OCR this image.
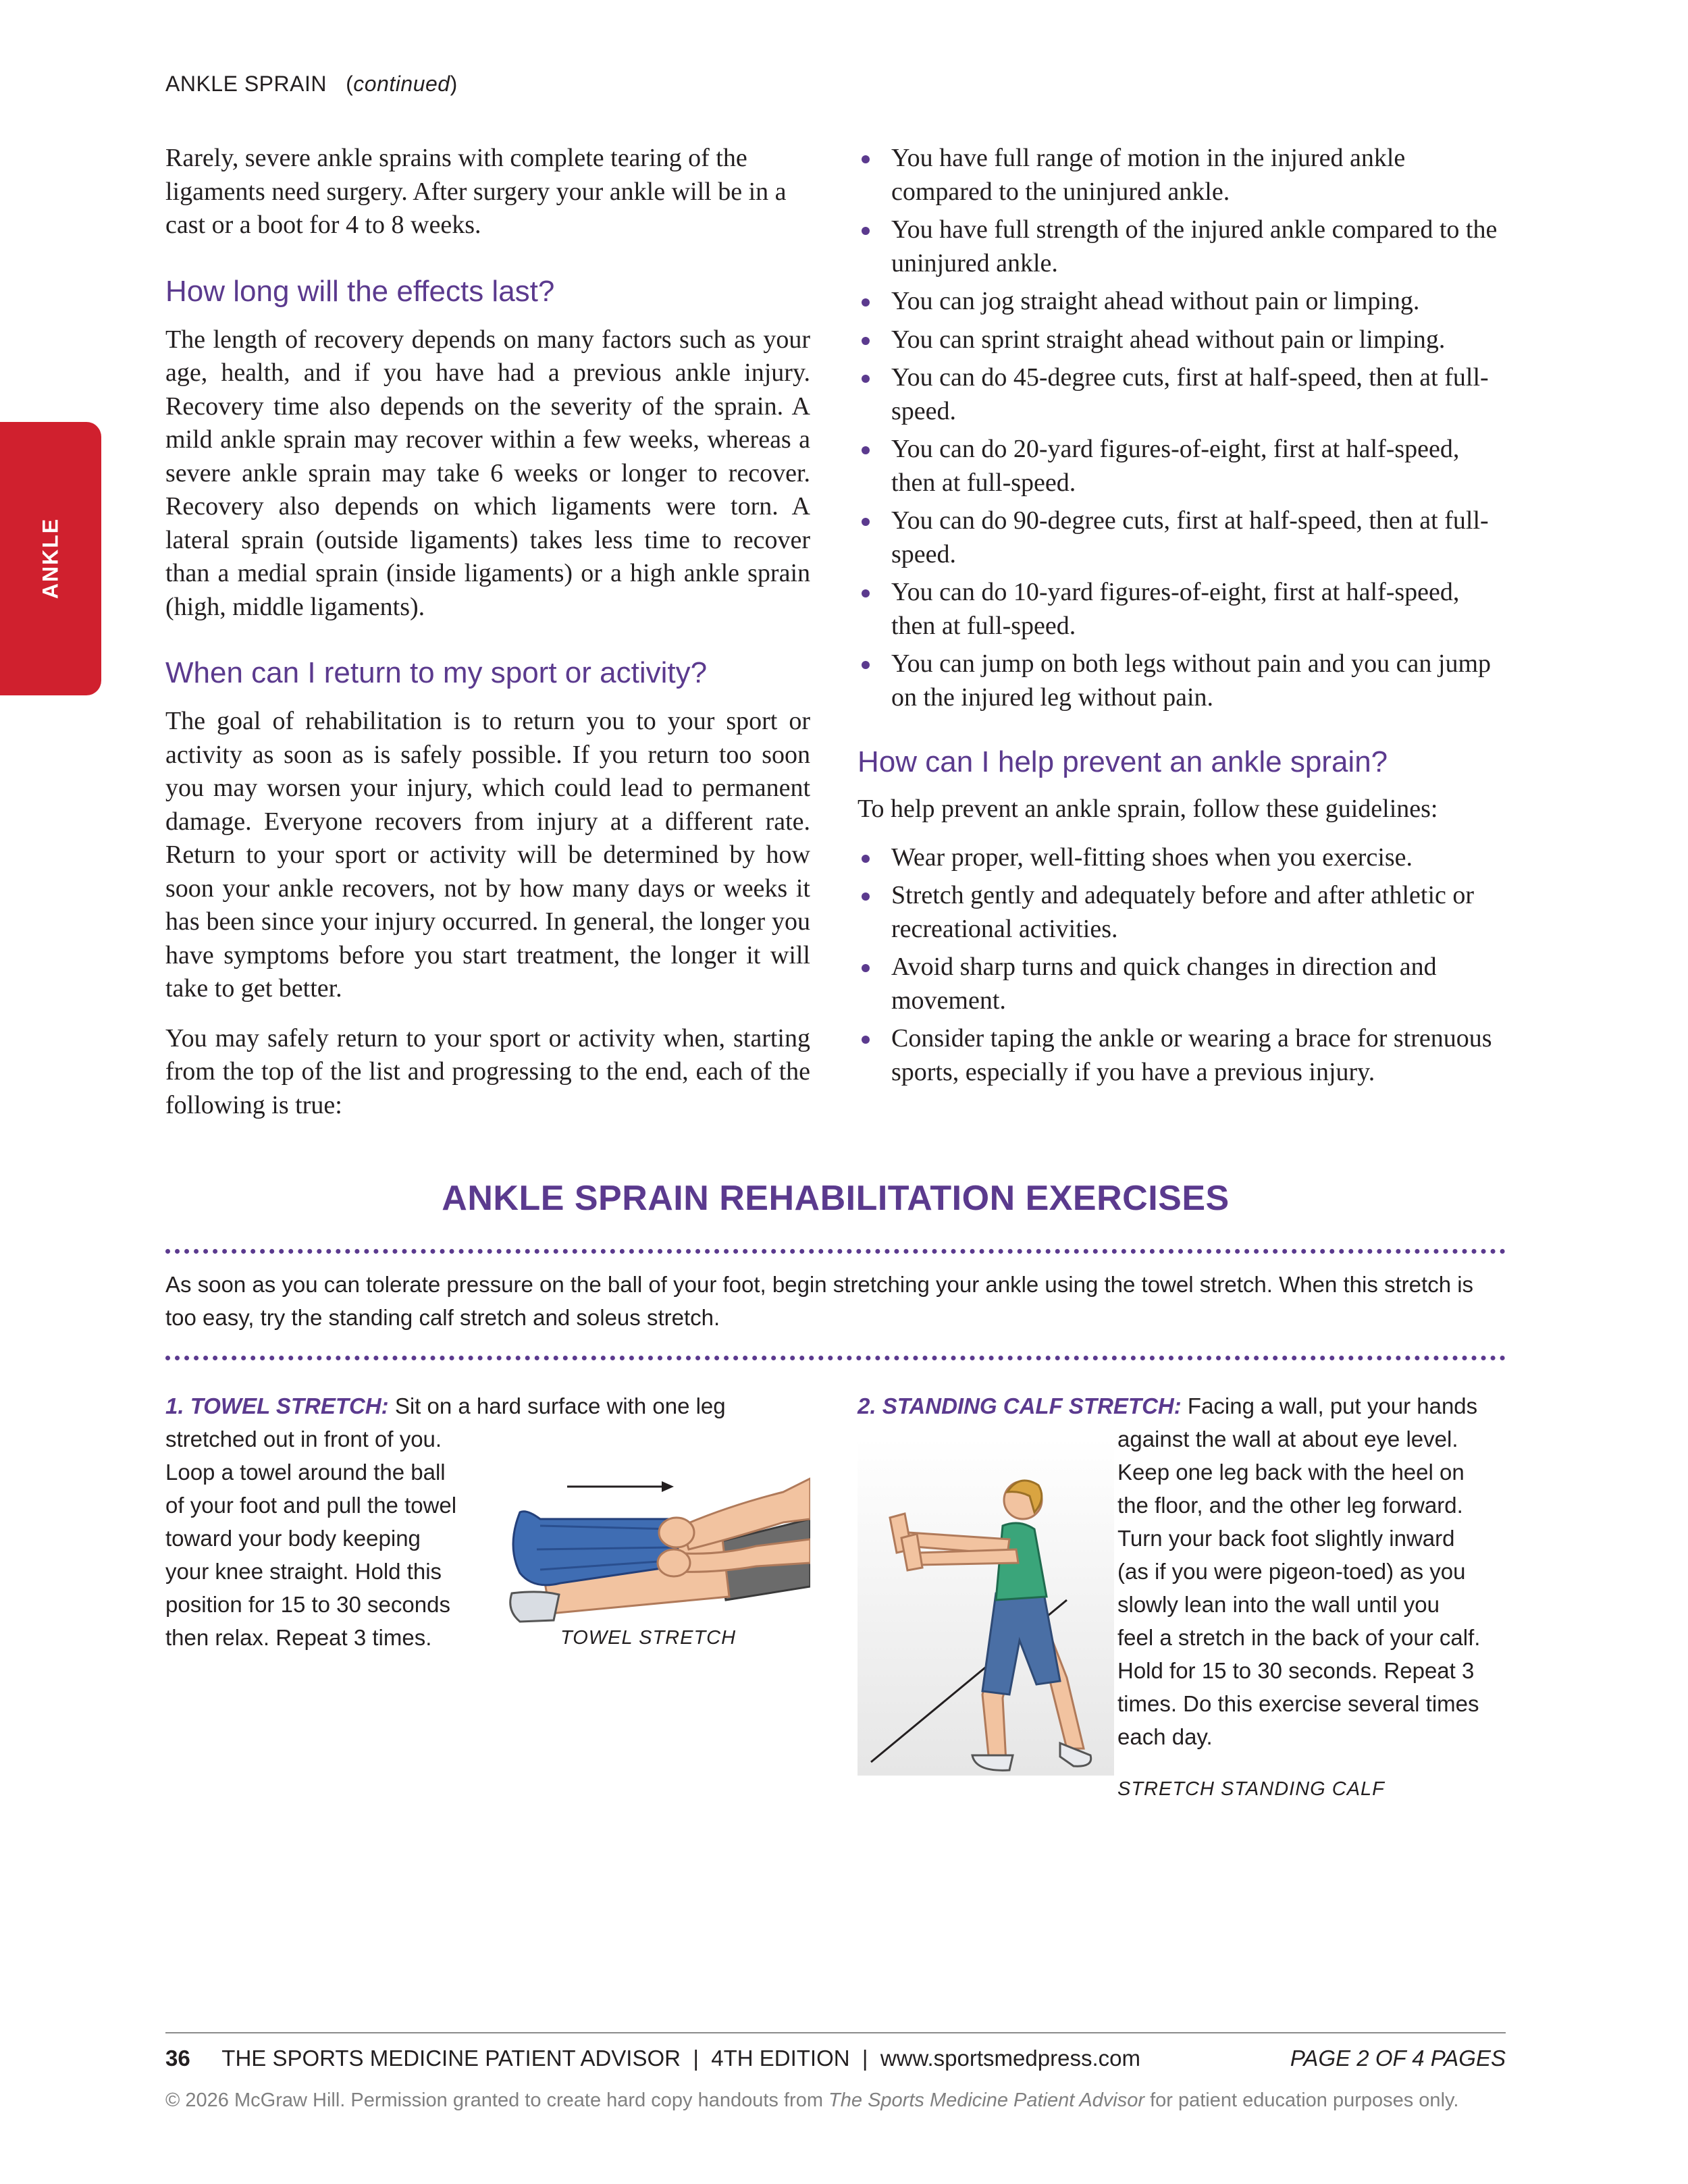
ANKLE SPRAIN   (continued)
ANKLE

Rarely, severe ankle sprains with complete tearing of the ligaments need surgery. After surgery your ankle will be in a cast or a boot for 4 to 8 weeks.

How long will the effects last?

The length of recovery depends on many factors such as your age, health, and if you have had a previous ankle injury. Recovery time also depends on the severity of the sprain. A mild ankle sprain may recover within a few weeks, whereas a severe ankle sprain may take 6 weeks or longer to recover. Recovery also depends on which ligaments were torn. A lateral sprain (outside ligaments) takes less time to recover than a medial sprain (inside ligaments) or a high ankle sprain (high, middle ligaments).

When can I return to my sport or activity?

The goal of rehabilitation is to return you to your sport or activity as soon as is safely possible. If you return too soon you may worsen your injury, which could lead to permanent damage. Everyone recovers from injury at a different rate. Return to your sport or activity will be determined by how soon your ankle recovers, not by how many days or weeks it has been since your injury occurred. In general, the longer you have symptoms before you start treatment, the longer it will take to get better.

You may safely return to your sport or activity when, starting from the top of the list and progressing to the end, each of the following is true:

You have full range of motion in the injured ankle compared to the uninjured ankle.
You have full strength of the injured ankle compared to the uninjured ankle.
You can jog straight ahead without pain or limping.
You can sprint straight ahead without pain or limping.
You can do 45-degree cuts, first at half-speed, then at full-speed.
You can do 20-yard figures-of-eight, first at half-speed, then at full-speed.
You can do 90-degree cuts, first at half-speed, then at full-speed.
You can do 10-yard figures-of-eight, first at half-speed, then at full-speed.
You can jump on both legs without pain and you can jump on the injured leg without pain.
How can I help prevent an ankle sprain?

To help prevent an ankle sprain, follow these guidelines:

Wear proper, well-fitting shoes when you exercise.
Stretch gently and adequately before and after athletic or recreational activities.
Avoid sharp turns and quick changes in direction and movement.
Consider taping the ankle or wearing a brace for strenuous sports, especially if you have a previous injury.
ANKLE SPRAIN REHABILITATION EXERCISES
As soon as you can tolerate pressure on the ball of your foot, begin stretching your ankle using the towel stretch. When this stretch is too easy, try the standing calf stretch and soleus stretch.
1. TOWEL STRETCH: Sit on a hard surface with one leg
stretched out in front of you.
Loop a towel around the ball
of your foot and pull the towel
toward your body keeping
your knee straight. Hold this
position for 15 to 30 seconds
then relax. Repeat 3 times.	TOWEL STRETCH
2. STANDING CALF STRETCH: Facing a wall, put your hands
against the wall at about eye level.
Keep one leg back with the heel on
the floor, and the other leg forward.
Turn your back foot slightly inward
(as if you were pigeon-toed) as you
slowly lean into the wall until you
feel a stretch in the back of your calf.
Hold for 15 to 30 seconds. Repeat 3
times. Do this exercise several times
each day.
STRETCH STANDING CALF
36 THE SPORTS MEDICINE PATIENT ADVISOR  |  4TH EDITION  |  www.sportsmedpress.com	PAGE 2 OF 4 PAGES
© 2026 McGraw Hill. Permission granted to create hard copy handouts from The Sports Medicine Patient Advisor for patient education purposes only.
